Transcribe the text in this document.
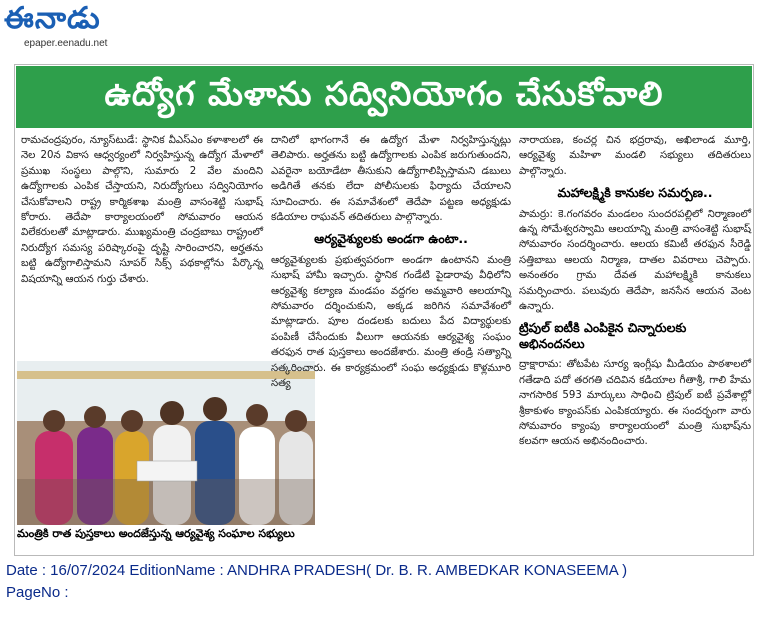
ఈనాడు
epaper.eenadu.net
ఉద్యోగ మేళాను సద్వినియోగం చేసుకోవాలి

రామచంద్రపురం, న్యూస్‌టుడే: స్థానిక వీఎస్ఎం కళాశాలలో ఈ నెల 20న వికాస ఆధ్వర్యంలో నిర్వహిస్తున్న ఉద్యోగ మేళాలో ప్రముఖ సంస్థలు పాల్గొని, సుమారు 2 వేల మందిని ఉద్యోగాలకు ఎంపిక చేస్తాయని, నిరుద్యోగులు సద్వినియోగం చేసుకోవాలని రాష్ట్ర కార్మికశాఖ మంత్రి వాసంశెట్టి సుభాష్ కోరారు. తెదేపా కార్యాలయంలో సోమవారం ఆయన విలేకరులతో మాట్లాడారు. ముఖ్యమంత్రి చంద్రబాబు రాష్ట్రంలో నిరుద్యోగ సమస్య పరిష్కారంపై దృష్టి సారించారని, అర్హతను బట్టి ఉద్యోగాలిస్తామని సూపర్ సిక్స్ పథకాల్లోను పేర్కొన్న విషయాన్ని ఆయన గుర్తు చేశారు.

మంత్రికి రాత పుస్తకాలు అందజేస్తున్న ఆర్యవైశ్య సంఘాల సభ్యులు

దానిలో భాగంగానే ఈ ఉద్యోగ మేళా నిర్వహిస్తున్నట్లు తెలిపారు. అర్హతను బట్టి ఉద్యోగాలకు ఎంపిక జరుగుతుందని, ఎవరైనా బయోడేటా తీసుకుని ఉద్యోగాలిప్పిస్తామని డబులు అడిగితే తనకు లేదా పోలీసులకు ఫిర్యాదు చేయాలని సూచించారు. ఈ సమావేశంలో తెదేపా పట్టణ అధ్యక్షుడు కడియాల రాఘవన్ తదితరులు పాల్గొన్నారు.

ఆర్యవైశ్యులకు అండగా ఉంటా..

ఆర్యవైశ్యులకు ప్రభుత్వపరంగా అండగా ఉంటానని మంత్రి సుభాష్ హామీ ఇచ్చారు. స్థానిక గండేటి పైడారావు వీధిలోని ఆర్యవైశ్య కల్యాణ మండపం వద్దగల అమ్మవారి ఆలయాన్ని సోమవారం దర్శించుకుని, అక్కడ జరిగిన సమావేశంలో మాట్లాడారు. పూల దండలకు బదులు పేద విద్యార్థులకు పంపిణీ చేసేందుకు వీలుగా ఆయనకు ఆర్యవైశ్య సంఘం తరఫున రాత పుస్తకాలు అందజేశారు. మంత్రి తండ్రి సత్యాన్ని సత్కరించారు. ఈ కార్యక్రమంలో సంఘ అధ్యక్షుడు కొళ్లమూరి సత్య

నారాయణ, కంచర్ల చిన భద్రరావు, అఖిలాండ మూర్తి, ఆర్యవైశ్య మహిళా మండలి సభ్యులు తదితరులు పాల్గొన్నారు.

మహాలక్ష్మికి కానుకల సమర్పణ..

పామర్రు: కె.గంగవరం మండలం సుందరపల్లిలో నిర్మాణంలో ఉన్న సోమేశ్వరస్వామి ఆలయాన్ని మంత్రి వాసంశెట్టి సుభాష్ సోమవారం సందర్శించారు. ఆలయ కమిటీ తరఫున సీరెడ్డి సత్తిబాబు ఆలయ నిర్మాణ, దాతల వివరాలు చెప్పారు. అనంతరం గ్రామ దేవత మహాలక్ష్మికి కానుకలు సమర్పించారు. పలువురు తెదేపా, జనసేన ఆయన వెంట ఉన్నారు.

ట్రిపుల్ ఐటీకి ఎంపికైన చిన్నారులకు అభినందనలు

ద్రాక్షారామ: తోటపేట సూర్య ఇంగ్లీషు మీడియం పాఠశాలలో గతేడాది పదో తరగతి చదివిన కడియాల గీతాశ్రీ, గాలి హేమ నాగసారిక 593 మార్కులు సాధించి ట్రిపుల్ ఐటీ ప్రవేశాల్లో శ్రీకాకుళం క్యాంపస్‌కు ఎంపికయ్యారు. ఈ సందర్భంగా వారు సోమవారం క్యాంపు కార్యాలయంలో మంత్రి సుభాష్‌ను కలవగా ఆయన అభినందించారు.

Date : 16/07/2024 EditionName : ANDHRA PRADESH( Dr. B. R. AMBEDKAR KONASEEMA )
PageNo :
